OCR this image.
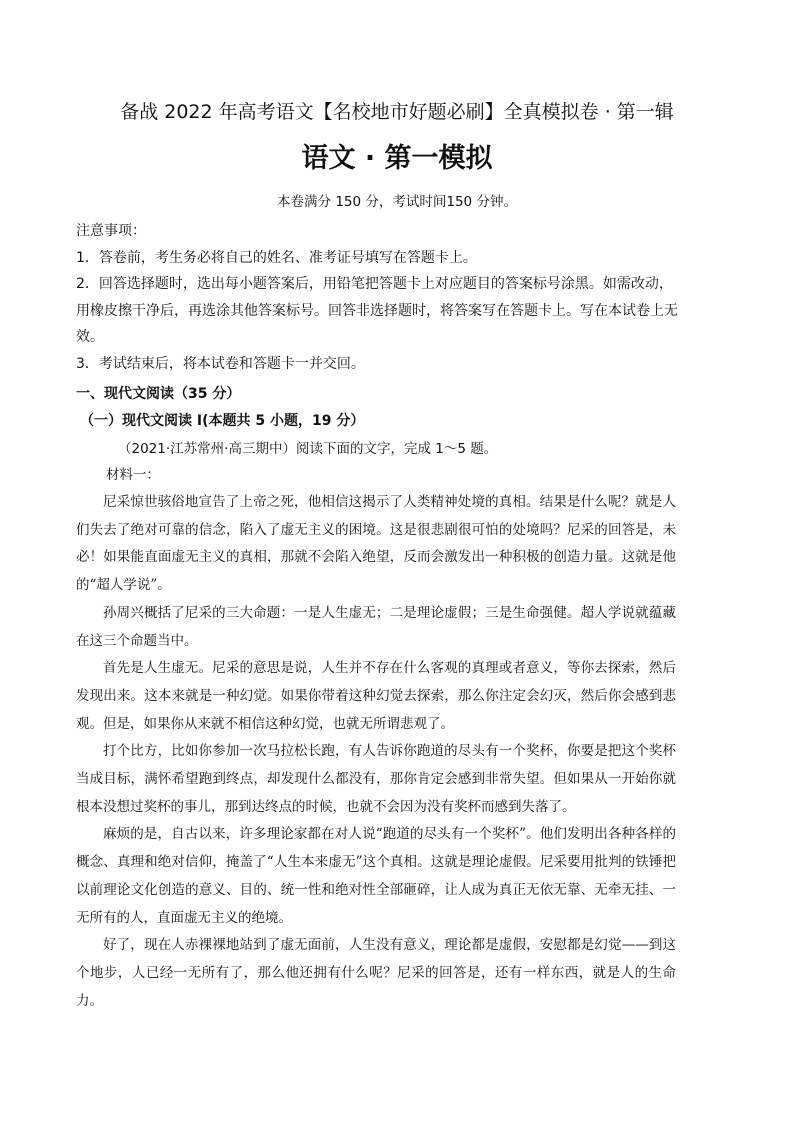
备战 2022 年高考语文【名校地市好题必刷】全真模拟卷 · 第一辑
语文 · 第一模拟
本卷满分 150 分，考试时间150 分钟。

注意事项：

1．答卷前，考生务必将自己的姓名、准考证号填写在答题卡上。

2．回答选择题时，选出每小题答案后，用铅笔把答题卡上对应题目的答案标号涂黑。如需改动，用橡皮擦干净后，再选涂其他答案标号。回答非选择题时，将答案写在答题卡上。写在本试卷上无效。

3．考试结束后，将本试卷和答题卡一并交回。

一、现代文阅读（35 分）
（一）现代文阅读 I(本题共 5 小题，19 分）
（2021·江苏常州·高三期中）阅读下面的文字，完成 1～5 题。
材料一：

尼采惊世骇俗地宣告了上帝之死，他相信这揭示了人类精神处境的真相。结果是什么呢？就是人们失去了绝对可靠的信念，陷入了虚无主义的困境。这是很悲剧很可怕的处境吗？尼采的回答是，未必！如果能直面虚无主义的真相，那就不会陷入绝望，反而会激发出一种积极的创造力量。这就是他的“超人学说”。

孙周兴概括了尼采的三大命题：一是人生虚无；二是理论虚假；三是生命强健。超人学说就蕴藏在这三个命题当中。

首先是人生虚无。尼采的意思是说，人生并不存在什么客观的真理或者意义，等你去探索，然后发现出来。这本来就是一种幻觉。如果你带着这种幻觉去探索，那么你注定会幻灭，然后你会感到悲观。但是，如果你从来就不相信这种幻觉，也就无所谓悲观了。

打个比方，比如你参加一次马拉松长跑，有人告诉你跑道的尽头有一个奖杯，你要是把这个奖杯当成目标，满怀希望跑到终点，却发现什么都没有，那你肯定会感到非常失望。但如果从一开始你就根本没想过奖杯的事儿，那到达终点的时候，也就不会因为没有奖杯而感到失落了。

麻烦的是，自古以来，许多理论家都在对人说“跑道的尽头有一个奖杯”。他们发明出各种各样的概念、真理和绝对信仰，掩盖了“人生本来虚无”这个真相。这就是理论虚假。尼采要用批判的铁锤把以前理论文化创造的意义、目的、统一性和绝对性全部砸碎，让人成为真正无依无靠、无牵无挂、一无所有的人，直面虚无主义的绝境。

好了，现在人赤裸裸地站到了虚无面前，人生没有意义，理论都是虚假，安慰都是幻觉——到这个地步，人已经一无所有了，那么他还拥有什么呢？尼采的回答是，还有一样东西，就是人的生命力。
